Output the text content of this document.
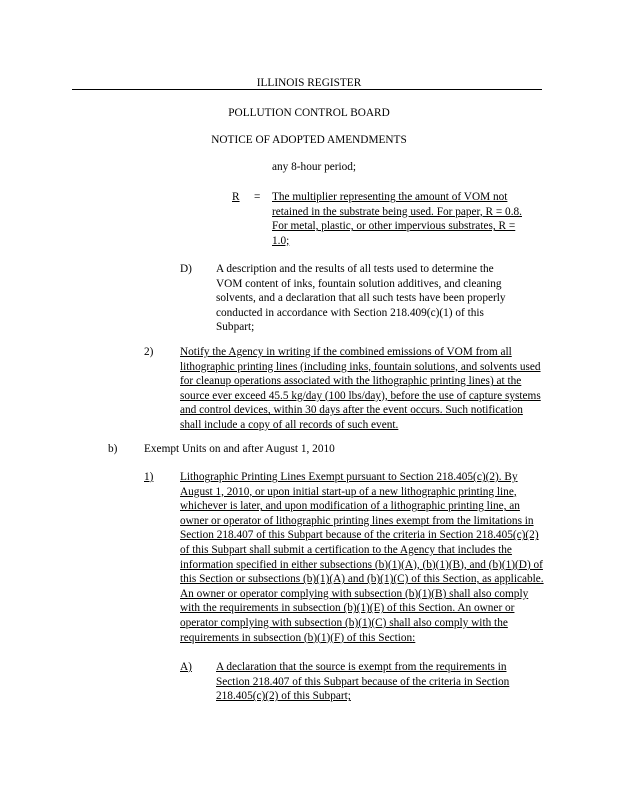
ILLINOIS REGISTER
POLLUTION CONTROL BOARD
NOTICE OF ADOPTED AMENDMENTS
any 8-hour period;
R = The multiplier representing the amount of VOM not retained in the substrate being used. For paper, R = 0.8. For metal, plastic, or other impervious substrates, R = 1.0;
D) A description and the results of all tests used to determine the VOM content of inks, fountain solution additives, and cleaning solvents, and a declaration that all such tests have been properly conducted in accordance with Section 218.409(c)(1) of this Subpart;
2) Notify the Agency in writing if the combined emissions of VOM from all lithographic printing lines (including inks, fountain solutions, and solvents used for cleanup operations associated with the lithographic printing lines) at the source ever exceed 45.5 kg/day (100 lbs/day), before the use of capture systems and control devices, within 30 days after the event occurs. Such notification shall include a copy of all records of such event.
b) Exempt Units on and after August 1, 2010
1) Lithographic Printing Lines Exempt pursuant to Section 218.405(c)(2). By August 1, 2010, or upon initial start-up of a new lithographic printing line, whichever is later, and upon modification of a lithographic printing line, an owner or operator of lithographic printing lines exempt from the limitations in Section 218.407 of this Subpart because of the criteria in Section 218.405(c)(2) of this Subpart shall submit a certification to the Agency that includes the information specified in either subsections (b)(1)(A), (b)(1)(B), and (b)(1)(D) of this Section or subsections (b)(1)(A) and (b)(1)(C) of this Section, as applicable. An owner or operator complying with subsection (b)(1)(B) shall also comply with the requirements in subsection (b)(1)(E) of this Section. An owner or operator complying with subsection (b)(1)(C) shall also comply with the requirements in subsection (b)(1)(F) of this Section:
A) A declaration that the source is exempt from the requirements in Section 218.407 of this Subpart because of the criteria in Section 218.405(c)(2) of this Subpart;
